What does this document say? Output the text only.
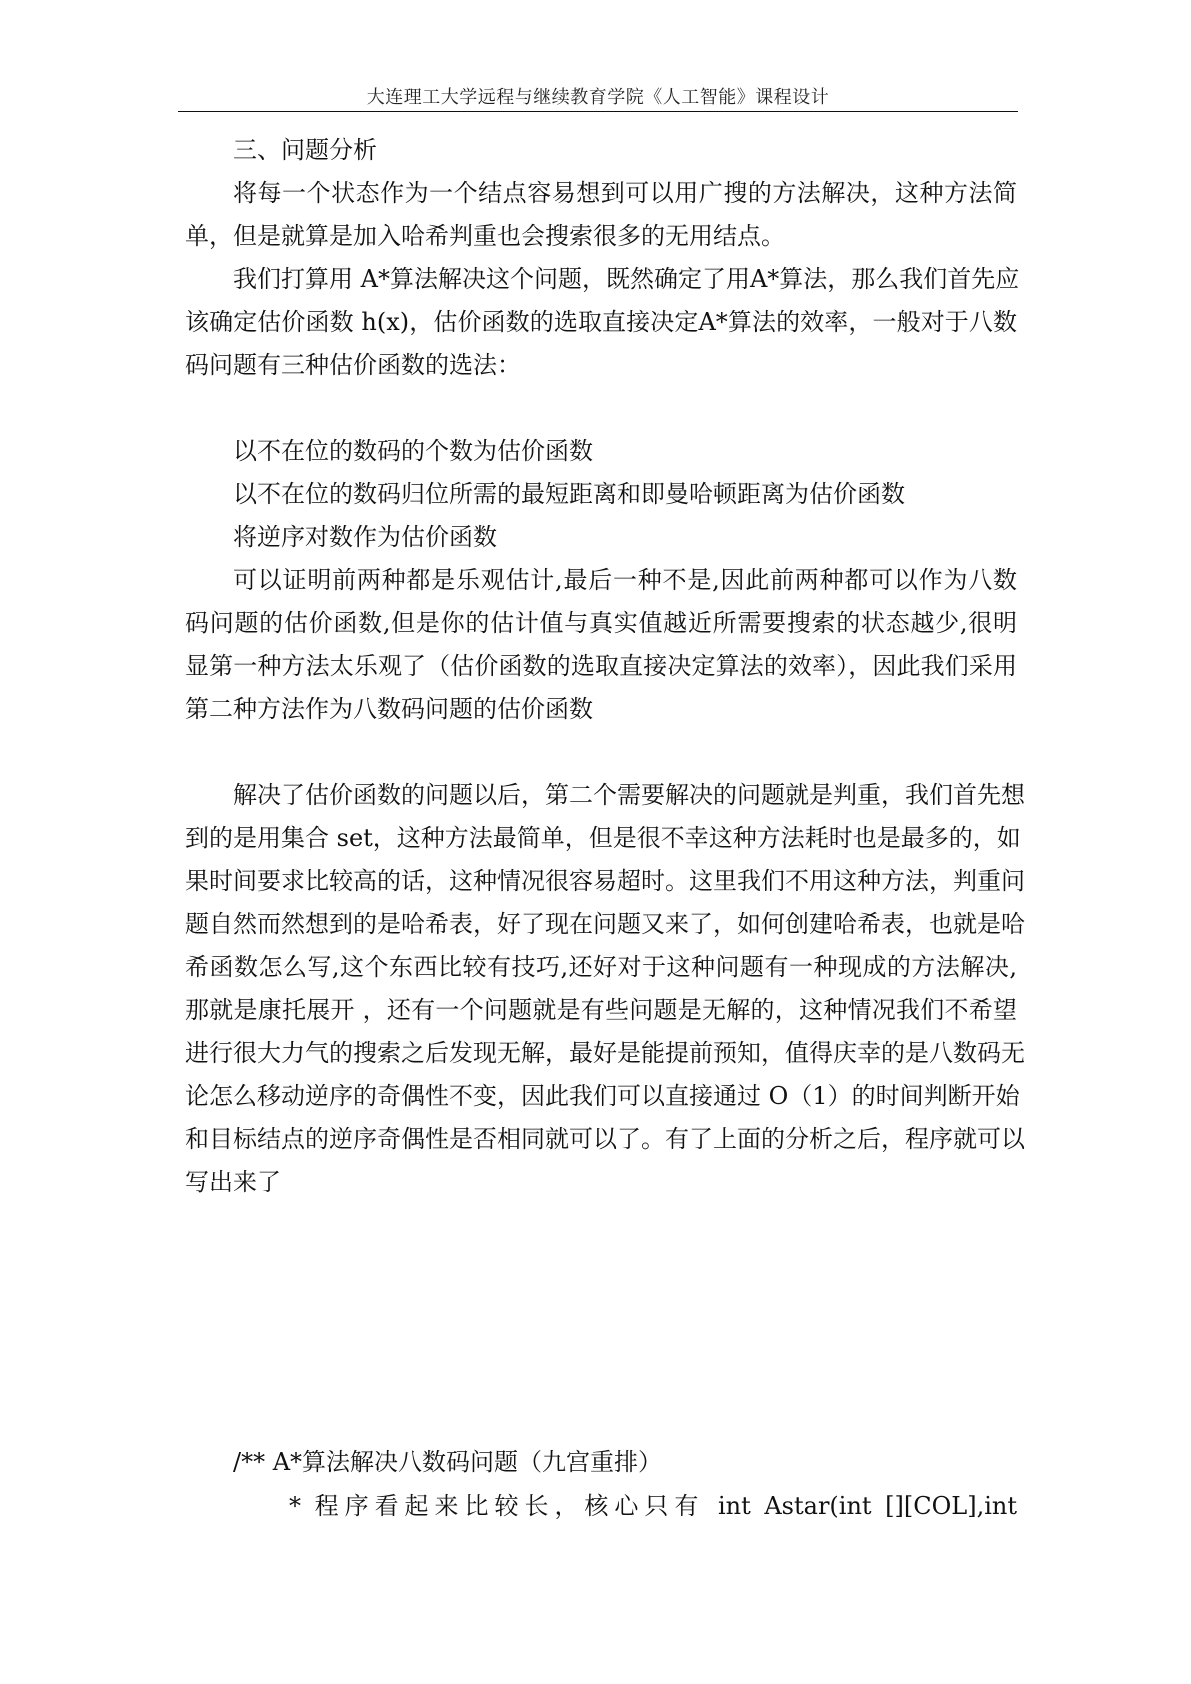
大连理工大学远程与继续教育学院《人工智能》课程设计
三、问题分析
将每一个状态作为一个结点容易想到可以用广搜的方法解决，这种方法简
单，但是就算是加入哈希判重也会搜索很多的无用结点。
我们打算用 A*算法解决这个问题，既然确定了用A*算法，那么我们首先应
该确定估价函数 h(x)，估价函数的选取直接决定A*算法的效率，一般对于八数
码问题有三种估价函数的选法：
以不在位的数码的个数为估价函数
以不在位的数码归位所需的最短距离和即曼哈顿距离为估价函数
将逆序对数作为估价函数
可以证明前两种都是乐观估计,最后一种不是,因此前两种都可以作为八数
码问题的估价函数,但是你的估计值与真实值越近所需要搜索的状态越少,很明
显第一种方法太乐观了（估价函数的选取直接决定算法的效率），因此我们采用
第二种方法作为八数码问题的估价函数
解决了估价函数的问题以后，第二个需要解决的问题就是判重，我们首先想
到的是用集合 set，这种方法最简单，但是很不幸这种方法耗时也是最多的，如
果时间要求比较高的话，这种情况很容易超时。这里我们不用这种方法，判重问
题自然而然想到的是哈希表，好了现在问题又来了，如何创建哈希表，也就是哈
希函数怎么写,这个东西比较有技巧,还好对于这种问题有一种现成的方法解决,
那就是康托展开 ，还有一个问题就是有些问题是无解的，这种情况我们不希望
进行很大力气的搜索之后发现无解，最好是能提前预知，值得庆幸的是八数码无
论怎么移动逆序的奇偶性不变，因此我们可以直接通过 O（1）的时间判断开始
和目标结点的逆序奇偶性是否相同就可以了。有了上面的分析之后，程序就可以
写出来了
/** A*算法解决八数码问题（九宫重排）
* 程序看起来比较长，核心只有 int Astar(int [][COL],int
